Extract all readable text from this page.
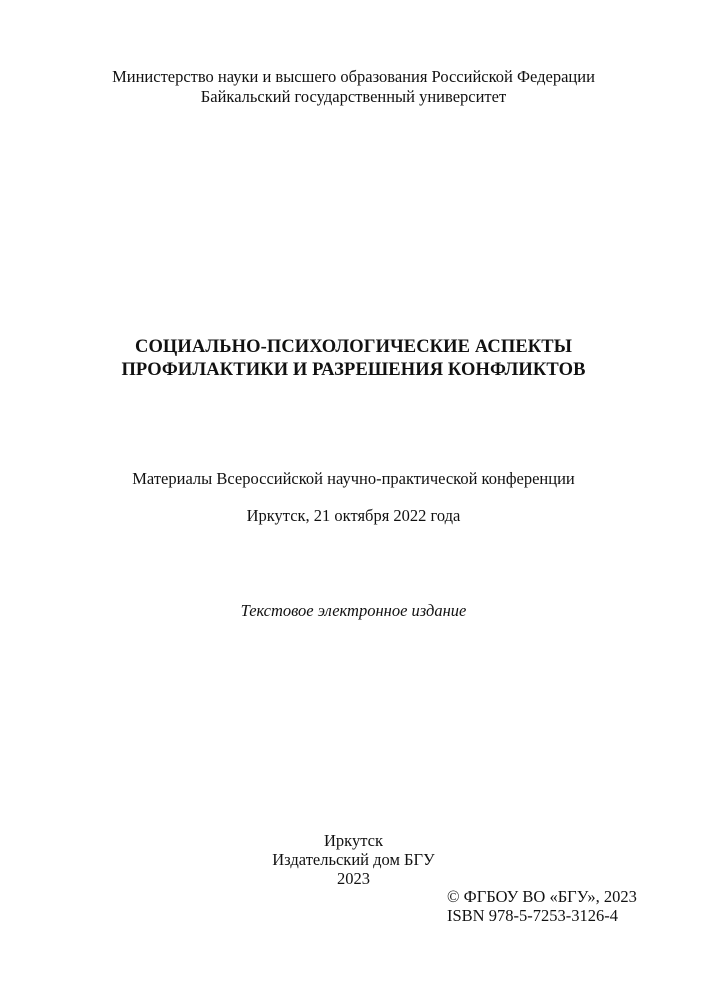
Министерство науки и высшего образования Российской Федерации
Байкальский государственный университет
СОЦИАЛЬНО-ПСИХОЛОГИЧЕСКИЕ АСПЕКТЫ
ПРОФИЛАКТИКИ И РАЗРЕШЕНИЯ КОНФЛИКТОВ
Материалы Всероссийской научно-практической конференции
Иркутск, 21 октября 2022 года
Текстовое электронное издание
Иркутск
Издательский дом БГУ
2023
© ФГБОУ ВО «БГУ», 2023
ISBN 978-5-7253-3126-4
